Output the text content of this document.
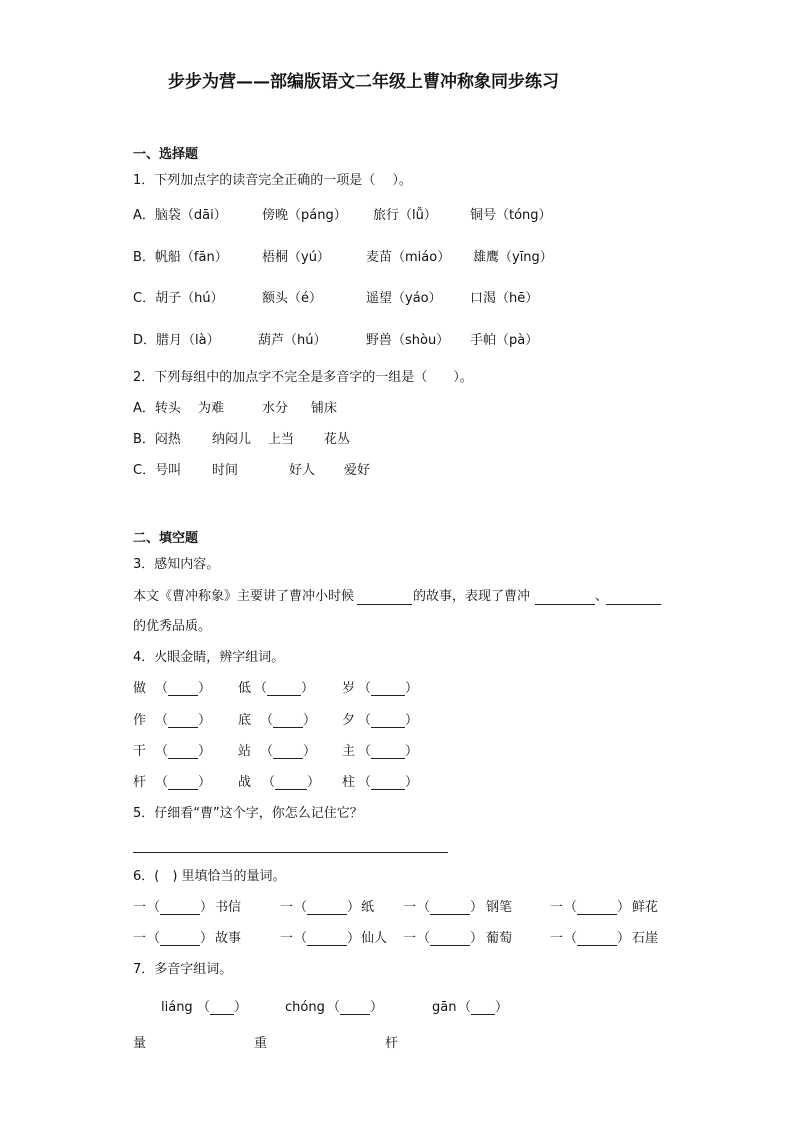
步步为营——部编版语文二年级上曹冲称象同步练习
一、选择题
1．下列加点字的读音完全正确的一项是（　 ）。
A．脑袋（dāi）	傍晚（páng） 旅行（lǚ）	铜号（tóng）
B．帆船（fān）	梧桐（yú）	麦苗（miáo） 雄鹰（yīng）
C．胡子（hú）	额头（é）	遥望（yáo） 口渴（hē）
D．腊月（là）	葫芦（hú）	野兽（shòu） 手帕（pà）
2．下列每组中的加点字不完全是多音字的一组是（　　）。
A．转头 为难	水分 铺床
B．闷热 纳闷儿 上当 花丛
C．号叫 时间	好人 爱好
二、填空题
3．感知内容。
本文《曹冲称象》主要讲了曹冲小时候	的故事，表现了曹冲	、
的优秀品质。
4．火眼金睛，辨字组词。
做 （ ） 低 （	） 岁 （	）
作 （ ） 底 （ ） 夕 （	）
干 （ ） 站 （ ） 主 （	）
杆 （ ） 战 （ ） 柱 （	）
5．仔细看“曹”这个字，你怎么记住它？
6．(　) 里填恰当的量词。
一 （	） 书信	一 （	） 纸 一 （	） 钢笔	一 （	） 鲜花
一 （	） 故事	一 （	） 仙人 一 （	） 葡萄	一 （	） 石崖
7．多音字组词。
liáng （ ）	chóng （ ）	gān （ ）
量	重	杆
